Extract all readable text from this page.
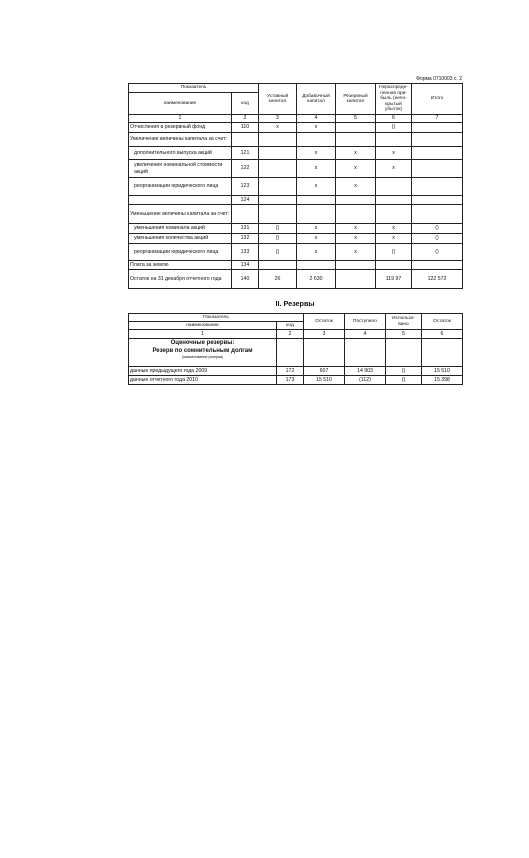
Форма 0710003 с. 2
Показатель		Уставный капитал	Добавочный капитал	Резервный капитал	Нераспреде-ленная при-быль (непо-крытый убыток)	Итого
наименование	код					
1	2	3	4	5	6	7
Отчисления в резервный фонд	110	х	х		()	
Увеличение величины капитала за счет:						
дополнительного выпуска акций	121		х	х	х	
увеличения номинальной стоимости акций	122		х	х	х	
реорганизации юридического лица	123		х	х		
	124					
Уменьшение величины капитала за счет:						
уменьшения номинала акций	131	()	х	х	х	()
уменьшения количества акций	132	()	х	х	х	()
реорганизации юридического лица	133	()	х	х	()	()
Плата за землю	134					
Остаток на 31 декабря отчетного года	140	26	2 630		119 97	122 572
II. Резервы
Показатель		Остаток	Поступило	Использо-вано	Остаток
наименование	код				
1	2	3	4	5	6

Оценочные резервы:
Резерв по сомнительным долгам
(наименование резерва)					

данные предыдущего года 2009	172	607	14 903	()	15 510
данные отчетного года 2010	173	15 510	(112)	()	15 398
